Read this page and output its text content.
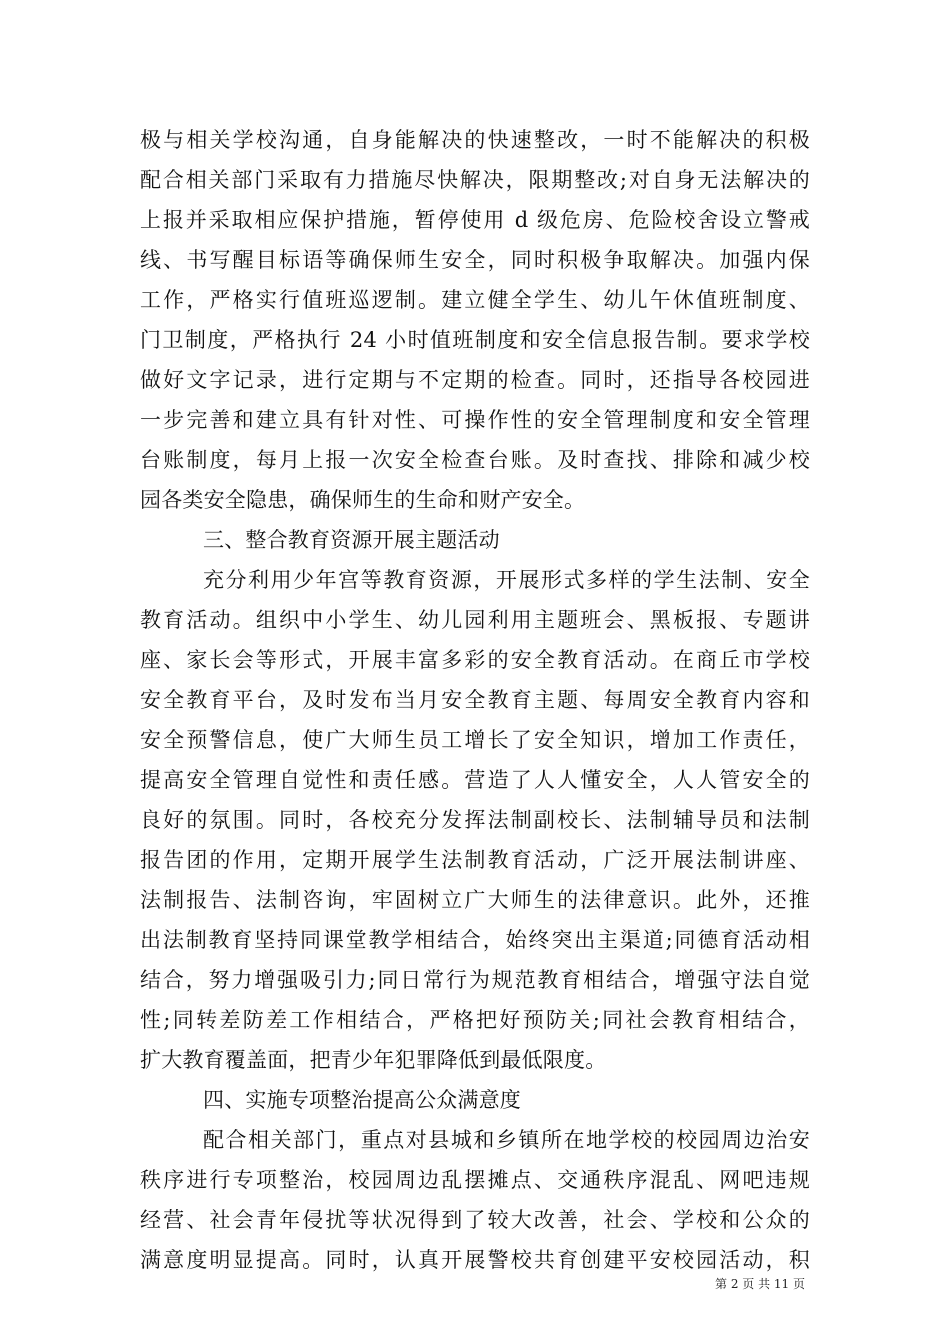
极与相关学校沟通，自身能解决的快速整改，一时不能解决的积极
配合相关部门采取有力措施尽快解决，限期整改;对自身无法解决的
上报并采取相应保护措施，暂停使用 d 级危房、危险校舍设立警戒
线、书写醒目标语等确保师生安全，同时积极争取解决。加强内保
工作，严格实行值班巡逻制。建立健全学生、幼儿午休值班制度、
门卫制度，严格执行 24 小时值班制度和安全信息报告制。要求学校
做好文字记录，进行定期与不定期的检查。同时，还指导各校园进
一步完善和建立具有针对性、可操作性的安全管理制度和安全管理
台账制度，每月上报一次安全检查台账。及时查找、排除和减少校
园各类安全隐患，确保师生的生命和财产安全。
三、整合教育资源开展主题活动
充分利用少年宫等教育资源，开展形式多样的学生法制、安全
教育活动。组织中小学生、幼儿园利用主题班会、黑板报、专题讲
座、家长会等形式，开展丰富多彩的安全教育活动。在商丘市学校
安全教育平台，及时发布当月安全教育主题、每周安全教育内容和
安全预警信息，使广大师生员工增长了安全知识，增加工作责任，
提高安全管理自觉性和责任感。营造了人人懂安全，人人管安全的
良好的氛围。同时，各校充分发挥法制副校长、法制辅导员和法制
报告团的作用，定期开展学生法制教育活动，广泛开展法制讲座、
法制报告、法制咨询，牢固树立广大师生的法律意识。此外，还推
出法制教育坚持同课堂教学相结合，始终突出主渠道;同德育活动相
结合，努力增强吸引力;同日常行为规范教育相结合，增强守法自觉
性;同转差防差工作相结合，严格把好预防关;同社会教育相结合，
扩大教育覆盖面，把青少年犯罪降低到最低限度。
四、实施专项整治提高公众满意度
配合相关部门，重点对县城和乡镇所在地学校的校园周边治安
秩序进行专项整治，校园周边乱摆摊点、交通秩序混乱、网吧违规
经营、社会青年侵扰等状况得到了较大改善，社会、学校和公众的
满意度明显提高。同时，认真开展警校共育创建平安校园活动，积
第 2 页 共 11 页
